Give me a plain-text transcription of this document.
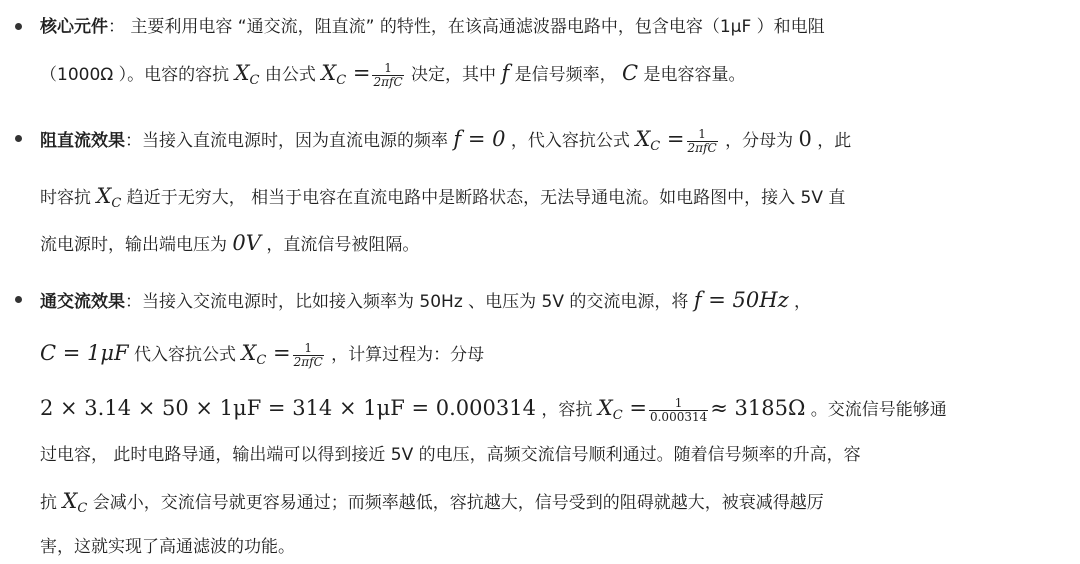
核心元件： 主要利用电容 “通交流，阻直流” 的特性，在该高通滤波器电路中，包含电容（1μF ）和电阻
（1000Ω ）。电容的容抗 $X_C$ 由公式 $X_C = \frac{1}{\text{2πfC}}$ 决定，其中 f 是信号频率， C 是电容容量。
阻直流效果：当接入直流电源时，因为直流电源的频率 f = 0 ，代入容抗公式 $X_C = \frac{1}{\text{2πfC}}$ ，分母为 0 ，此
时容抗 $X_C$ 趋近于无穷大， 相当于电容在直流电路中是断路状态，无法导通电流。如电路图中，接入 5V 直
流电源时，输出端电压为 0V ，直流信号被阻隔。
通交流效果：当接入交流电源时，比如接入频率为 50Hz 、电压为 5V 的交流电源，将 f = 50Hz ，
C = 1μF 代入容抗公式 $X_C = \frac{1}{\text{2πfC}}$ ，计算过程为：分母
2 × 3.14 × 50 × 1μF = 314 × 1μF = 0.000314 ，容抗 $X_C = \frac{1}{0.000314} \approx 3185\Omega$ 。交流信号能够通
过电容， 此时电路导通，输出端可以得到接近 5V 的电压，高频交流信号顺利通过。随着信号频率的升高，容
抗 $X_C$ 会减小，交流信号就更容易通过；而频率越低，容抗越大，信号受到的阻碍就越大，被衰减得越厉
害，这就实现了高通滤波的功能。
